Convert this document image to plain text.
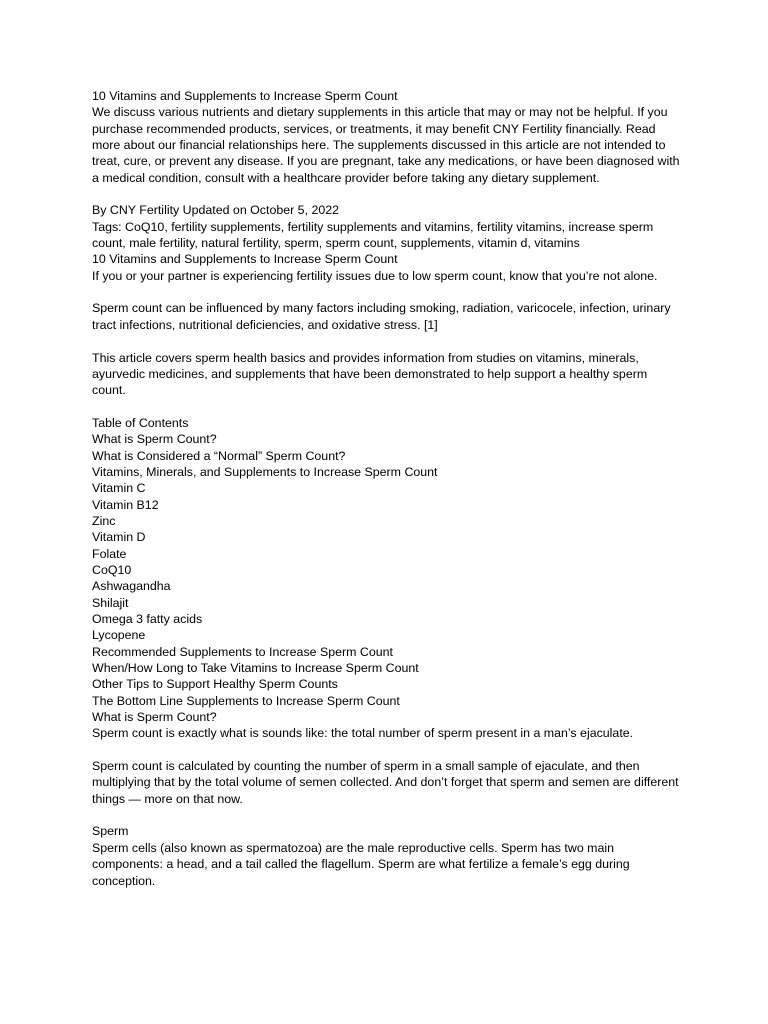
10 Vitamins and Supplements to Increase Sperm Count

We discuss various nutrients and dietary supplements in this article that may or may not be helpful. If you purchase recommended products, services, or treatments, it may benefit CNY Fertility financially. Read more about our financial relationships here. The supplements discussed in this article are not intended to treat, cure, or prevent any disease. If you are pregnant, take any medications, or have been diagnosed with a medical condition, consult with a healthcare provider before taking any dietary supplement.

By CNY Fertility Updated on October 5, 2022

Tags: CoQ10, fertility supplements, fertility supplements and vitamins, fertility vitamins, increase sperm count, male fertility, natural fertility, sperm, sperm count, supplements, vitamin d, vitamins

10 Vitamins and Supplements to Increase Sperm Count

If you or your partner is experiencing fertility issues due to low sperm count, know that you’re not alone.

Sperm count can be influenced by many factors including smoking, radiation, varicocele, infection, urinary tract infections, nutritional deficiencies, and oxidative stress. [1]

This article covers sperm health basics and provides information from studies on vitamins, minerals, ayurvedic medicines, and supplements that have been demonstrated to help support a healthy sperm count.

Table of Contents

What is Sperm Count?

What is Considered a “Normal” Sperm Count?

Vitamins, Minerals, and Supplements to Increase Sperm Count

Vitamin C

Vitamin B12

Zinc

Vitamin D

Folate

CoQ10

Ashwagandha

Shilajit

Omega 3 fatty acids

Lycopene

Recommended Supplements to Increase Sperm Count

When/How Long to Take Vitamins to Increase Sperm Count

Other Tips to Support Healthy Sperm Counts

The Bottom Line Supplements to Increase Sperm Count

What is Sperm Count?

Sperm count is exactly what is sounds like: the total number of sperm present in a man’s ejaculate.

Sperm count is calculated by counting the number of sperm in a small sample of ejaculate, and then multiplying that by the total volume of semen collected. And don’t forget that sperm and semen are different things — more on that now.

Sperm

Sperm cells (also known as spermatozoa) are the male reproductive cells. Sperm has two main components: a head, and a tail called the flagellum. Sperm are what fertilize a female’s egg during conception.
